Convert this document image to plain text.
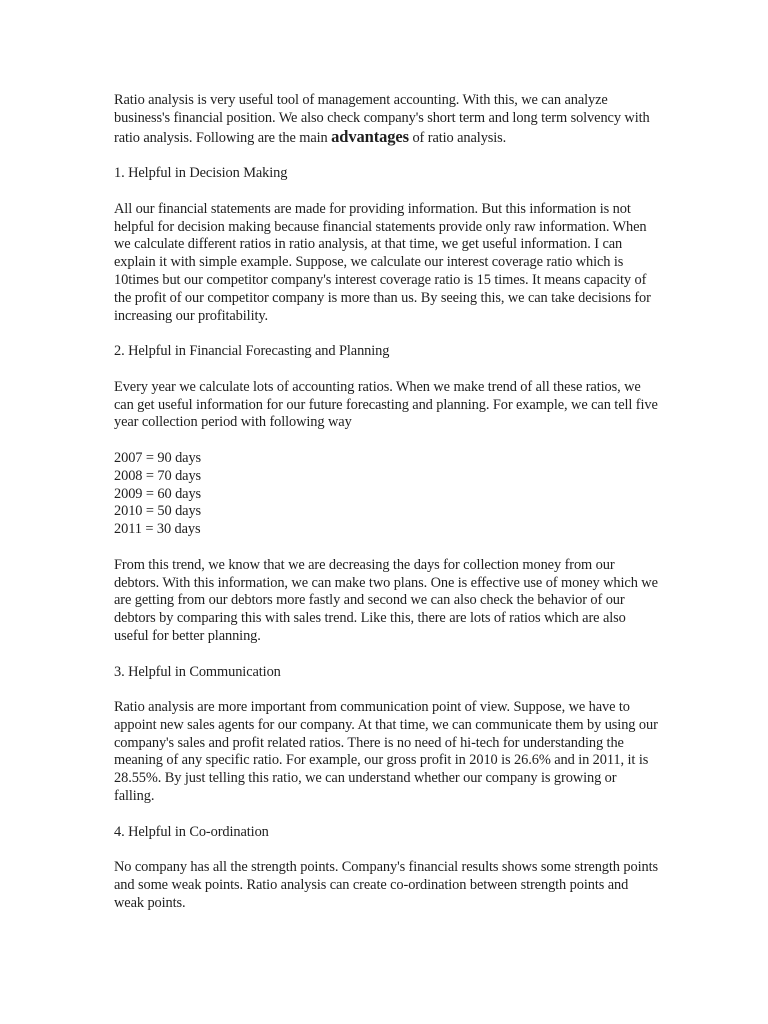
Ratio analysis is very useful tool of management accounting. With this, we can analyze business's financial position. We also check company's short term and long term solvency with ratio analysis. Following are the main advantages of ratio analysis.

1. Helpful in Decision Making

All our financial statements are made for providing information. But this information is not helpful for decision making because financial statements provide only raw information. When we calculate different ratios in ratio analysis, at that time, we get useful information. I can explain it with simple example. Suppose, we calculate our interest coverage ratio which is 10times but our competitor company's interest coverage ratio is 15 times. It means capacity of the profit of our competitor company is more than us. By seeing this, we can take decisions for increasing our profitability.

2. Helpful in Financial Forecasting and Planning

Every year we calculate lots of accounting ratios. When we make trend of all these ratios, we can get useful information for our future forecasting and planning. For example, we can tell five year collection period with following way

2007 = 90 days
2008 = 70 days
2009 = 60 days
2010 = 50 days
2011 = 30 days

From this trend, we know that we are decreasing the days for collection money from our debtors. With this information, we can make two plans. One is effective use of money which we are getting from our debtors more fastly and second we can also check the behavior of our debtors by comparing this with sales trend. Like this, there are lots of ratios which are also useful for better planning.

3. Helpful in Communication

Ratio analysis are more important from communication point of view. Suppose, we have to appoint new sales agents for our company. At that time, we can communicate them by using our company's sales and profit related ratios. There is no need of hi-tech for understanding the meaning of any specific ratio. For example, our gross profit in 2010 is 26.6% and in 2011, it is 28.55%. By just telling this ratio, we can understand whether our company is growing or falling.

4. Helpful in Co-ordination

No company has all the strength points. Company's financial results shows some strength points and some weak points. Ratio analysis can create co-ordination between strength points and weak points.
